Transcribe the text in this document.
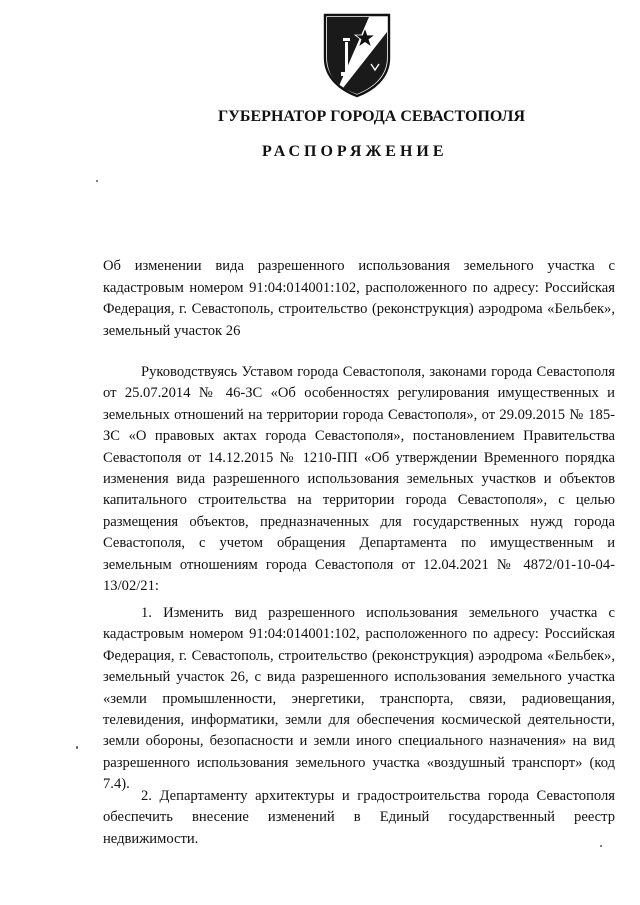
ГУБЕРНАТОР ГОРОДА СЕВАСТОПОЛЯ

РАСПОРЯЖЕНИЕ

Об изменении вида разрешенного использования земельного участка с кадастровым номером 91:04:014001:102, расположенного по адресу: Российская Федерация, г. Севастополь, строительство (реконструкция) аэродрома «Бельбек», земельный участок 26

Руководствуясь Уставом города Севастополя, законами города Севастополя от 25.07.2014 № 46-ЗС «Об особенностях регулирования имущественных и земельных отношений на территории города Севастополя», от 29.09.2015 № 185-ЗС «О правовых актах города Севастополя», постановлением Правительства Севастополя от 14.12.2015 № 1210-ПП «Об утверждении Временного порядка изменения вида разрешенного использования земельных участков и объектов капитального строительства на территории города Севастополя», с целью размещения объектов, предназначенных для государственных нужд города Севастополя, с учетом обращения Департамента по имущественным и земельным отношениям города Севастополя от 12.04.2021 № 4872/01-10-04-13/02/21:

1. Изменить вид разрешенного использования земельного участка с кадастровым номером 91:04:014001:102, расположенного по адресу: Российская Федерация, г. Севастополь, строительство (реконструкция) аэродрома «Бельбек», земельный участок 26, с вида разрешенного использования земельного участка «земли промышленности, энергетики, транспорта, связи, радиовещания, телевидения, информатики, земли для обеспечения космической деятельности, земли обороны, безопасности и земли иного специального назначения» на вид разрешенного использования земельного участка «воздушный транспорт» (код 7.4).

2. Департаменту архитектуры и градостроительства города Севастополя обеспечить внесение изменений в Единый государственный реестр недвижимости.
